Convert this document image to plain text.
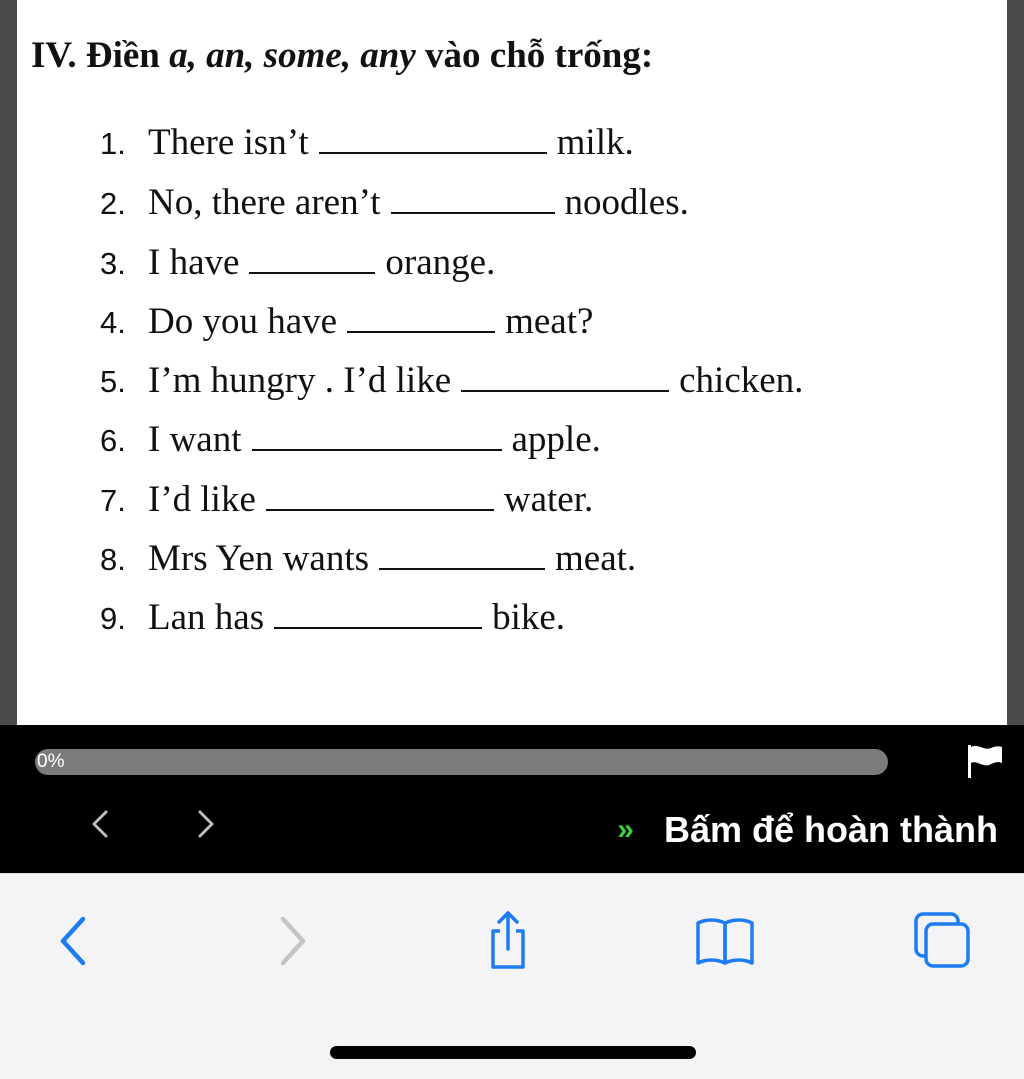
IV. Điền a, an, some, any vào chỗ trống:
1. There isn’t	milk.
2. No, there aren’t	noodles.
3. I have	orange.
4. Do you have	meat?
5. I’m hungry . I’d like	chicken.
6. I want	apple.
7. I’d like	water.
8. Mrs Yen wants	meat.
9. Lan has	bike.
0%
» Bấm để hoàn thành
